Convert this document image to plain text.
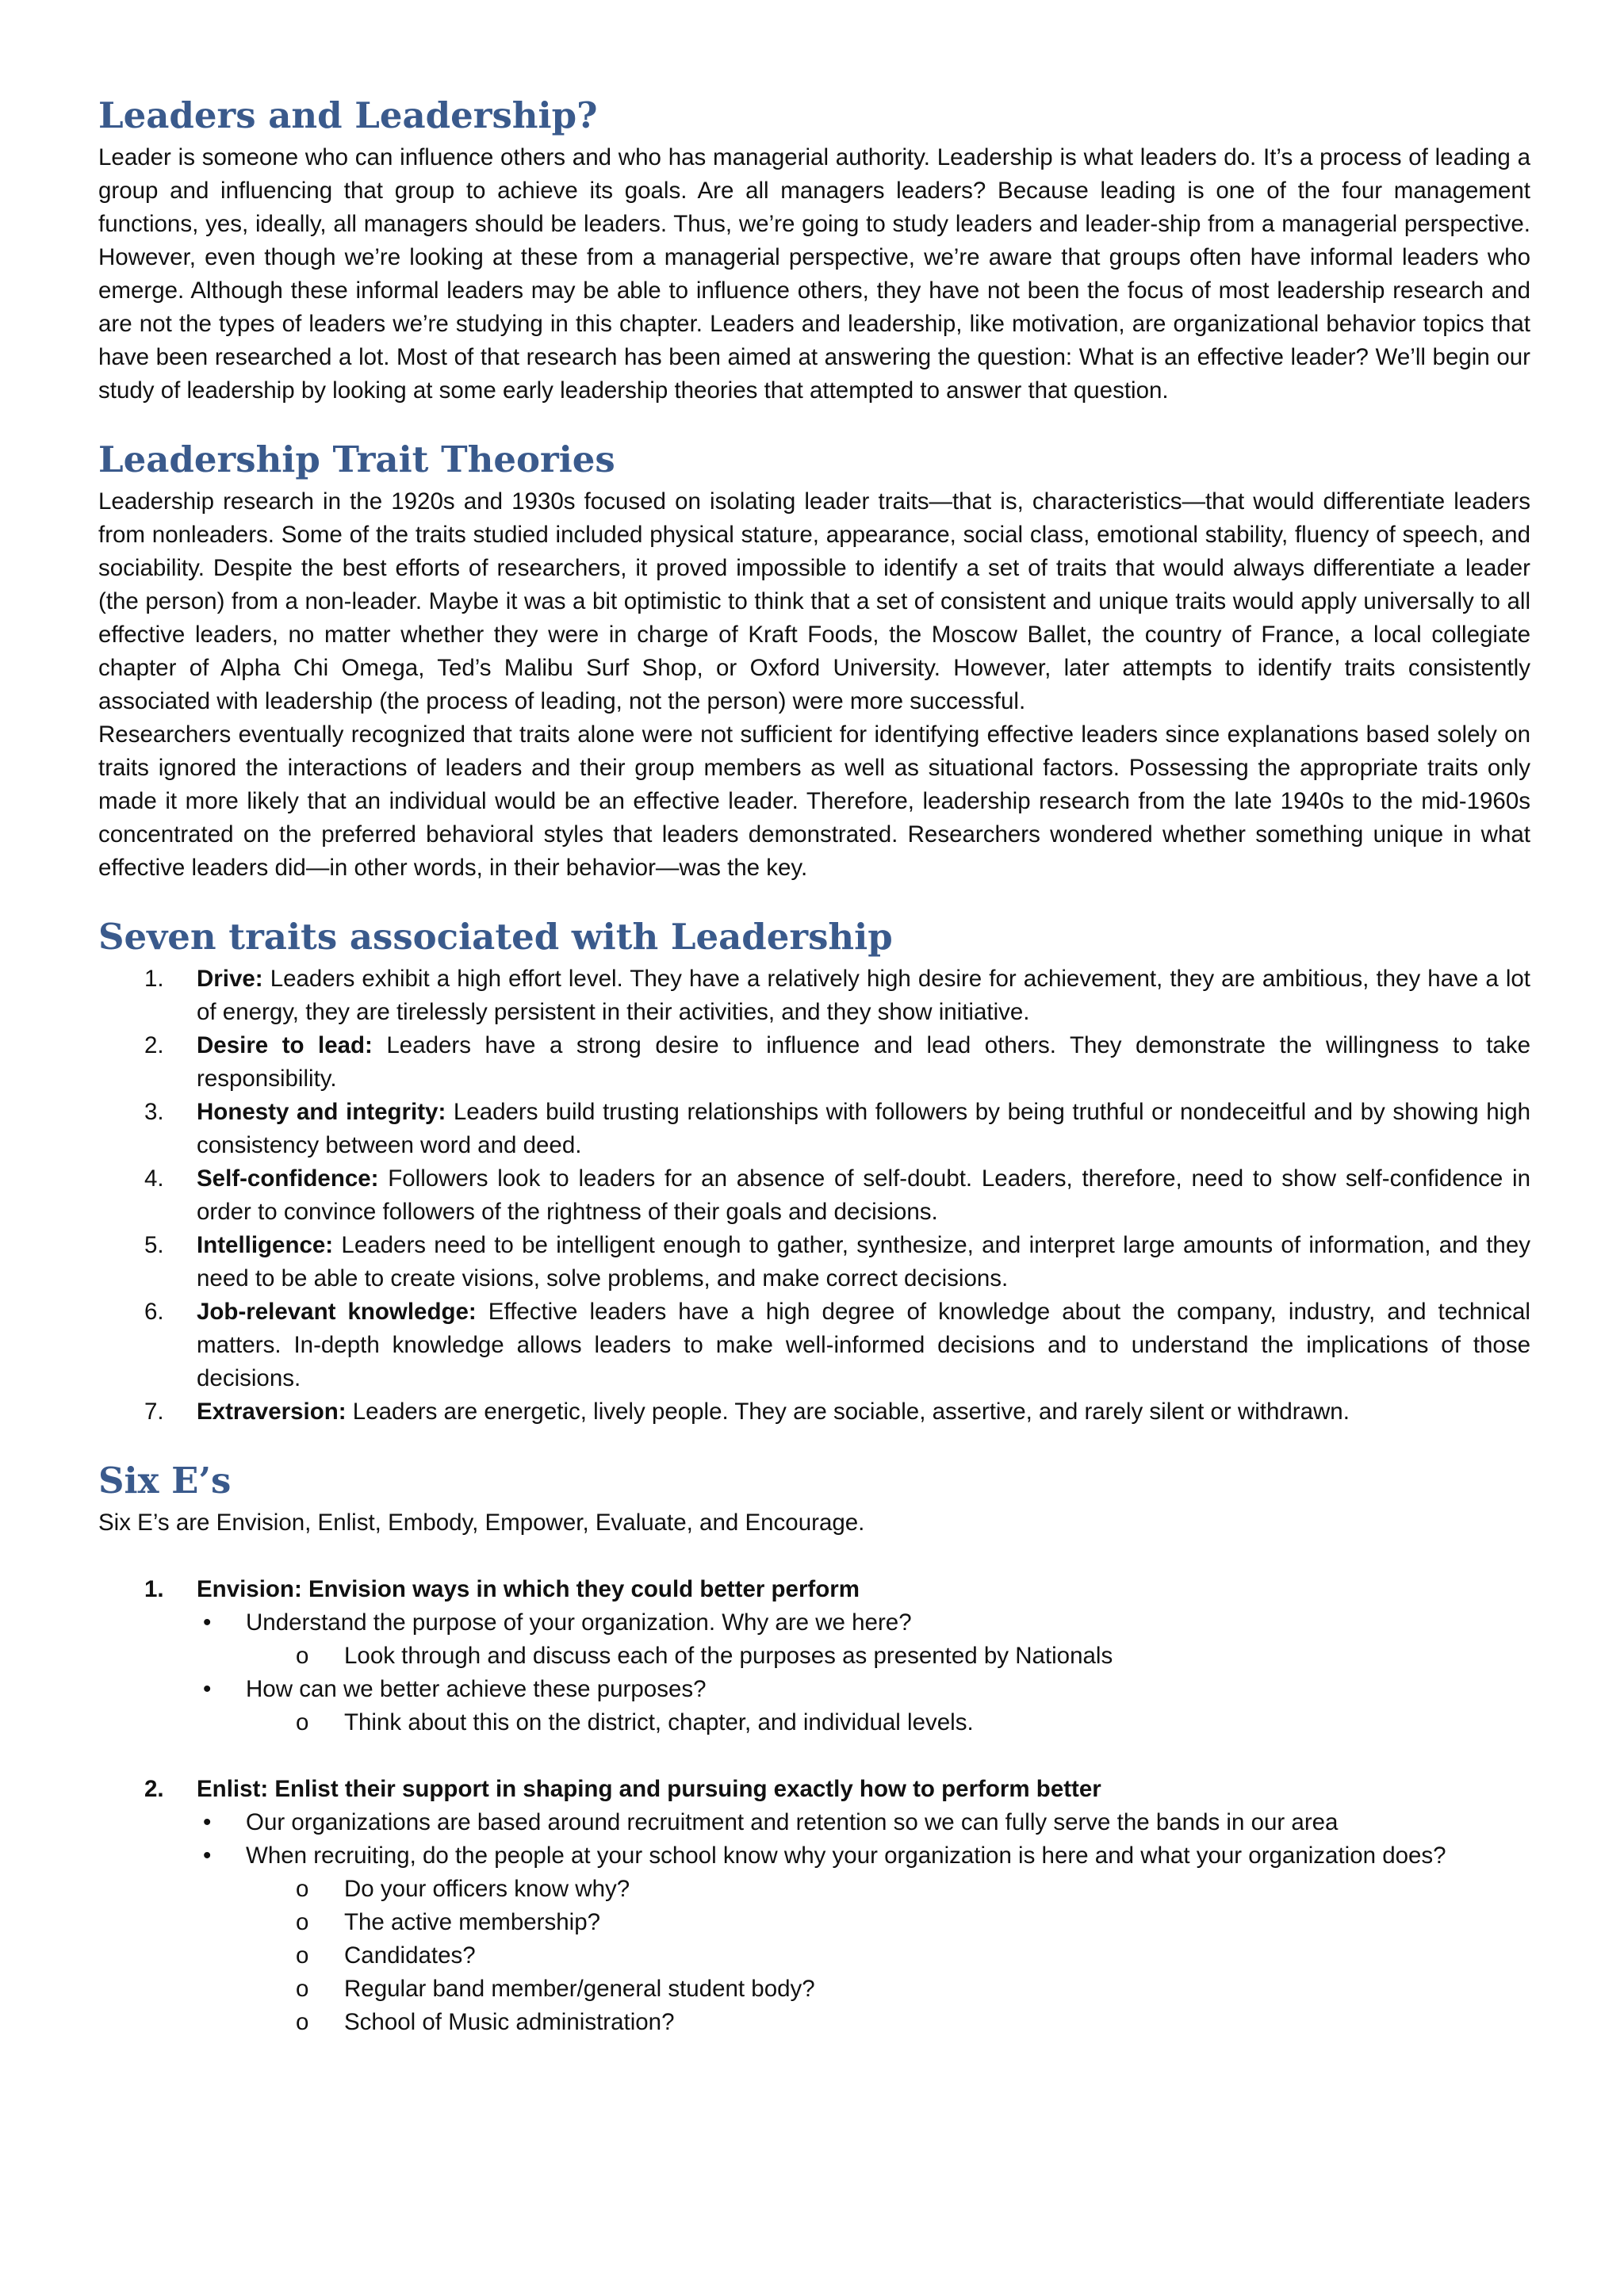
Leaders and Leadership?

Leader is someone who can influence others and who has managerial authority. Leadership is what leaders do. It’s a process of leading a group and influencing that group to achieve its goals. Are all managers leaders? Because leading is one of the four management functions, yes, ideally, all managers should be leaders. Thus, we’re going to study leaders and leader-ship from a managerial perspective. However, even though we’re looking at these from a managerial perspective, we’re aware that groups often have informal leaders who emerge. Although these informal leaders may be able to influence others, they have not been the focus of most leadership research and are not the types of leaders we’re studying in this chapter. Leaders and leadership, like motivation, are organizational behavior topics that have been researched a lot. Most of that research has been aimed at answering the question: What is an effective leader? We’ll begin our study of leadership by looking at some early leadership theories that attempted to answer that question.

Leadership Trait Theories

Leadership research in the 1920s and 1930s focused on isolating leader traits—that is, characteristics—that would differentiate leaders from nonleaders. Some of the traits studied included physical stature, appearance, social class, emotional stability, fluency of speech, and sociability. Despite the best efforts of researchers, it proved impossible to identify a set of traits that would always differentiate a leader (the person) from a non-leader. Maybe it was a bit optimistic to think that a set of consistent and unique traits would apply universally to all effective leaders, no matter whether they were in charge of Kraft Foods, the Moscow Ballet, the country of France, a local collegiate chapter of Alpha Chi Omega, Ted’s Malibu Surf Shop, or Oxford University. However, later attempts to identify traits consistently associated with leadership (the process of leading, not the person) were more successful.

Researchers eventually recognized that traits alone were not sufficient for identifying effective leaders since explanations based solely on traits ignored the interactions of leaders and their group members as well as situational factors. Possessing the appropriate traits only made it more likely that an individual would be an effective leader. Therefore, leadership research from the late 1940s to the mid-1960s concentrated on the preferred behavioral styles that leaders demonstrated. Researchers wondered whether something unique in what effective leaders did—in other words, in their behavior—was the key.

Seven traits associated with Leadership
1. Drive: Leaders exhibit a high effort level. They have a relatively high desire for achievement, they are ambitious, they have a lot of energy, they are tirelessly persistent in their activities, and they show initiative.
2. Desire to lead: Leaders have a strong desire to influence and lead others. They demonstrate the willingness to take responsibility.
3. Honesty and integrity: Leaders build trusting relationships with followers by being truthful or nondeceitful and by showing high consistency between word and deed.
4. Self-confidence: Followers look to leaders for an absence of self-doubt. Leaders, therefore, need to show self-confidence in order to convince followers of the rightness of their goals and decisions.
5. Intelligence: Leaders need to be intelligent enough to gather, synthesize, and interpret large amounts of information, and they need to be able to create visions, solve problems, and make correct decisions.
6. Job-relevant knowledge: Effective leaders have a high degree of knowledge about the company, industry, and technical matters. In-depth knowledge allows leaders to make well-informed decisions and to understand the implications of those decisions.
7. Extraversion: Leaders are energetic, lively people. They are sociable, assertive, and rarely silent or withdrawn.
Six E’s

Six E’s are Envision, Enlist, Embody, Empower, Evaluate, and Encourage.

1. Envision: Envision ways in which they could better perform
• Understand the purpose of your organization. Why are we here?
o Look through and discuss each of the purposes as presented by Nationals
• How can we better achieve these purposes?
o Think about this on the district, chapter, and individual levels.
2. Enlist: Enlist their support in shaping and pursuing exactly how to perform better
• Our organizations are based around recruitment and retention so we can fully serve the bands in our area
• When recruiting, do the people at your school know why your organization is here and what your organization does?
o Do your officers know why?
o The active membership?
o Candidates?
o Regular band member/general student body?
o School of Music administration?
